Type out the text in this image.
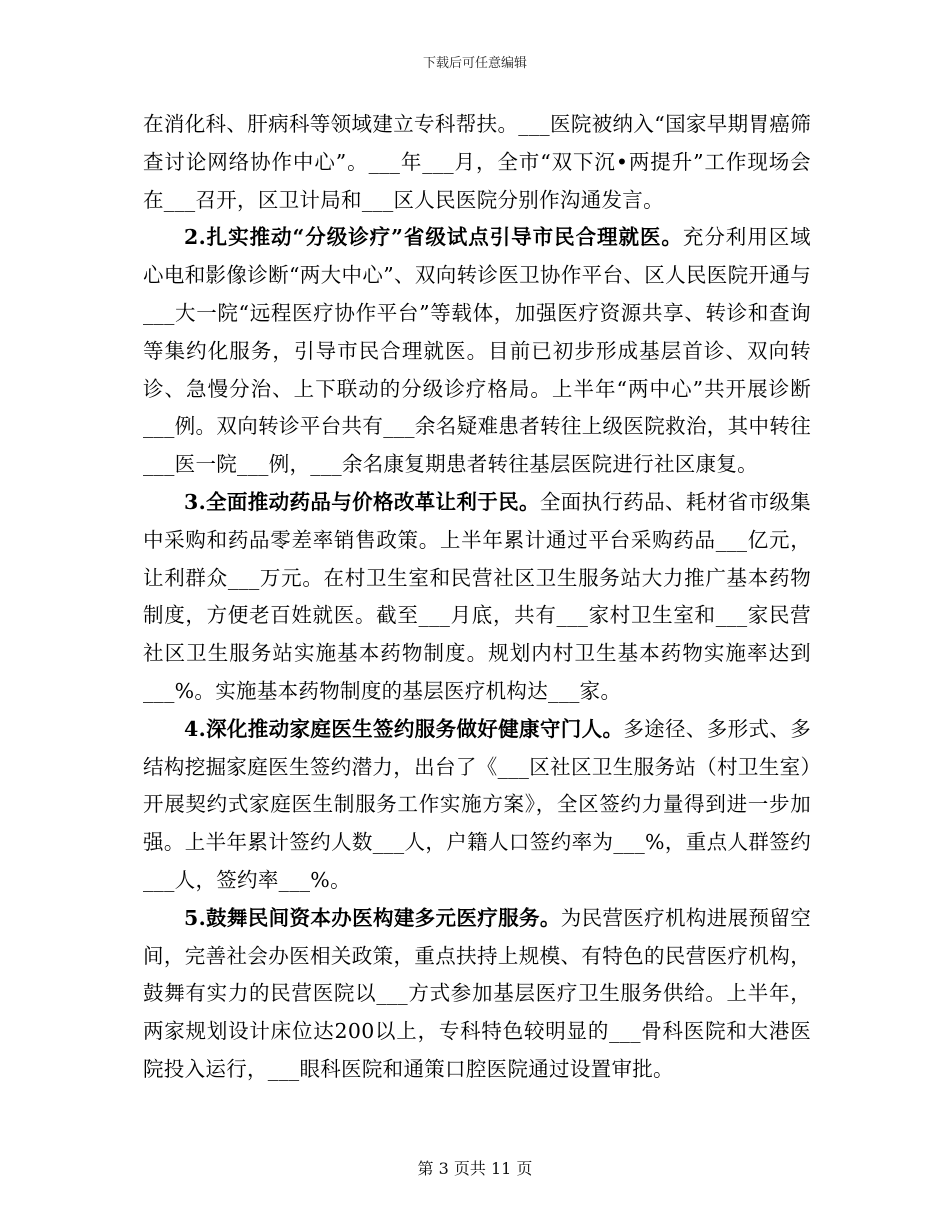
下载后可任意编辑

在消化科、肝病科等领域建立专科帮扶。___医院被纳入“国家早期胃癌筛查讨论网络协作中心”。___年___月，全市“双下沉•两提升”工作现场会在___召开，区卫计局和___区人民医院分别作沟通发言。

2.扎实推动“分级诊疗”省级试点引导市民合理就医。充分利用区域心电和影像诊断“两大中心”、双向转诊医卫协作平台、区人民医院开通与___大一院“远程医疗协作平台”等载体，加强医疗资源共享、转诊和查询等集约化服务，引导市民合理就医。目前已初步形成基层首诊、双向转诊、急慢分治、上下联动的分级诊疗格局。上半年“两中心”共开展诊断___例。双向转诊平台共有___余名疑难患者转往上级医院救治，其中转往___医一院___例，___余名康复期患者转往基层医院进行社区康复。

3.全面推动药品与价格改革让利于民。全面执行药品、耗材省市级集中采购和药品零差率销售政策。上半年累计通过平台采购药品___亿元，让利群众___万元。在村卫生室和民营社区卫生服务站大力推广基本药物制度，方便老百姓就医。截至___月底，共有___家村卫生室和___家民营社区卫生服务站实施基本药物制度。规划内村卫生基本药物实施率达到___%。实施基本药物制度的基层医疗机构达___家。

4.深化推动家庭医生签约服务做好健康守门人。多途径、多形式、多结构挖掘家庭医生签约潜力，出台了《___区社区卫生服务站（村卫生室）开展契约式家庭医生制服务工作实施方案》，全区签约力量得到进一步加强。上半年累计签约人数___人，户籍人口签约率为___%，重点人群签约___人，签约率___%。

5.鼓舞民间资本办医构建多元医疗服务。为民营医疗机构进展预留空间，完善社会办医相关政策，重点扶持上规模、有特色的民营医疗机构，鼓舞有实力的民营医院以___方式参加基层医疗卫生服务供给。上半年，两家规划设计床位达200以上，专科特色较明显的___骨科医院和大港医院投入运行，___眼科医院和通策口腔医院通过设置审批。

第 3 页共 11 页
